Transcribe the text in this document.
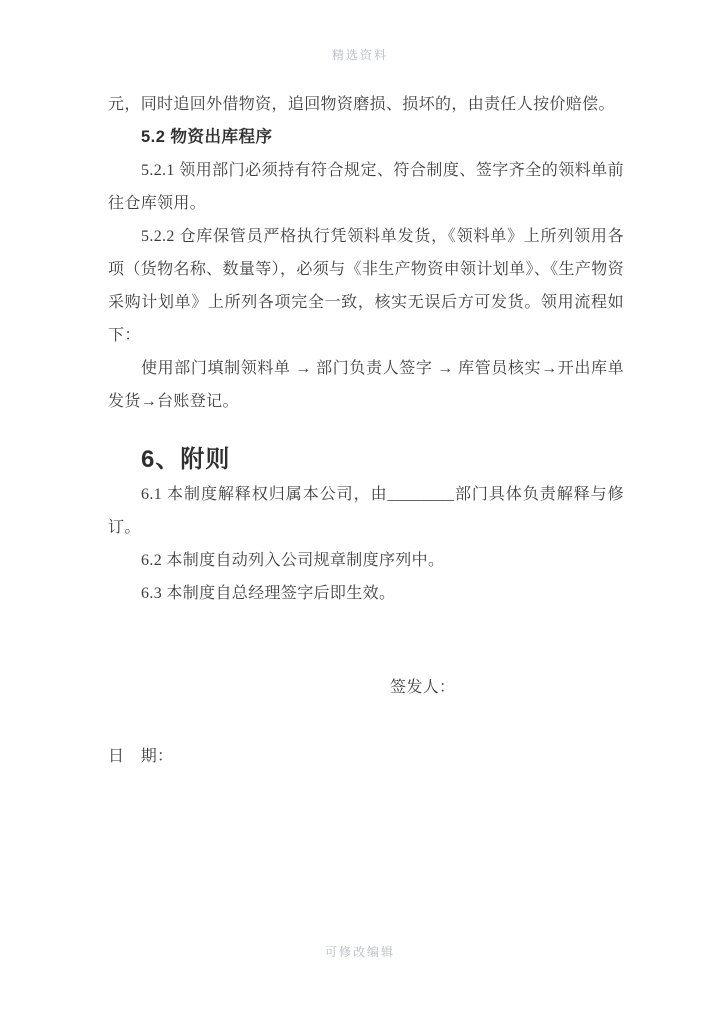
精选资料

元，同时追回外借物资，追回物资磨损、损坏的，由责任人按价赔偿。

5.2 物资出库程序

5.2.1 领用部门必须持有符合规定、符合制度、签字齐全的领料单前往仓库领用。

5.2.2 仓库保管员严格执行凭领料单发货，《领料单》上所列领用各项（货物名称、数量等），必须与《非生产物资申领计划单》、《生产物资采购计划单》上所列各项完全一致，核实无误后方可发货。领用流程如下：

使用部门填制领料单 → 部门负责人签字 → 库管员核实→开出库单发货→台账登记。

6、附则

6.1 本制度解释权归属本公司，由________部门具体负责解释与修订。

6.2 本制度自动列入公司规章制度序列中。

6.3 本制度自总经理签字后即生效。

签发人：

日　期：

可修改编辑
